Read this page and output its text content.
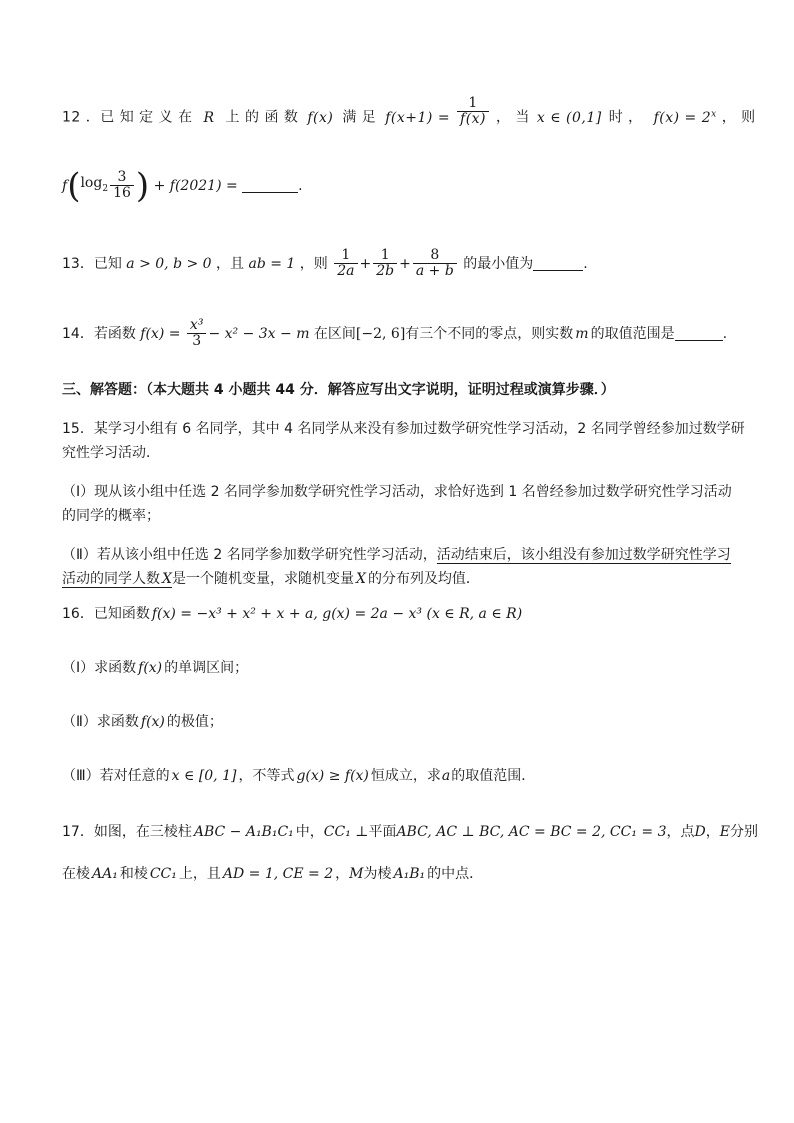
12 ．已 知 定 义 在 R 上 的 函 数 f(x) 满 足 $f(x+1) = \frac{1}{f(x)}$ ， 当 x ∈ (0,1] 时 ， $f(x) = 2^x$ ， 则
$f(\log_2 \frac{3}{16}$ ) + f(2021) =	.
13．已知 a > 0, b > 0 ，且 ab = 1 ，则 $\frac{1}{2a} + \frac{1}{2b} + \frac{8}{a + b}$ 的最小值为	.
14．若函数 $f(x) = \frac{\text{x³}}{3} - x^2 - 3x - m$ 在区间[−2, 6]有三个不同的零点，则实数 m 的取值范围是	.
三、解答题：（本大题共 4 小题共 44 分．解答应写出文字说明，证明过程或演算步骤．）
15．某学习小组有 6 名同学，其中 4 名同学从来没有参加过数学研究性学习活动，2 名同学曾经参加过数学研
究性学习活动．
（Ⅰ）现从该小组中任选 2 名同学参加数学研究性学习活动，求恰好选到 1 名曾经参加过数学研究性学习活动
的同学的概率；
（Ⅱ）若从该小组中任选 2 名同学参加数学研究性学习活动，活动结束后，该小组没有参加过数学研究性学习
活动的同学人数 X是一个随机变量，求随机变量 X 的分布列及均值．
16．已知函数 f(x) = −x³ + x² + x + a, g(x) = 2a − x³ (x ∈ R, a ∈ R)
（Ⅰ）求函数 f(x) 的单调区间；
（Ⅱ）求函数 f(x) 的极值；
（Ⅲ）若对任意的 x ∈ [0, 1] ，不等式 g(x) ≥ f(x) 恒成立，求a的取值范围．
17．如图，在三棱柱 ABC − A₁B₁C₁ 中，CC₁ ⊥平面ABC, AC ⊥ BC, AC = BC = 2, CC₁ = 3，点D，E分别
在棱 AA₁ 和棱 CC₁ 上，且 AD = 1, CE = 2 ，M为棱 A₁B₁ 的中点．
